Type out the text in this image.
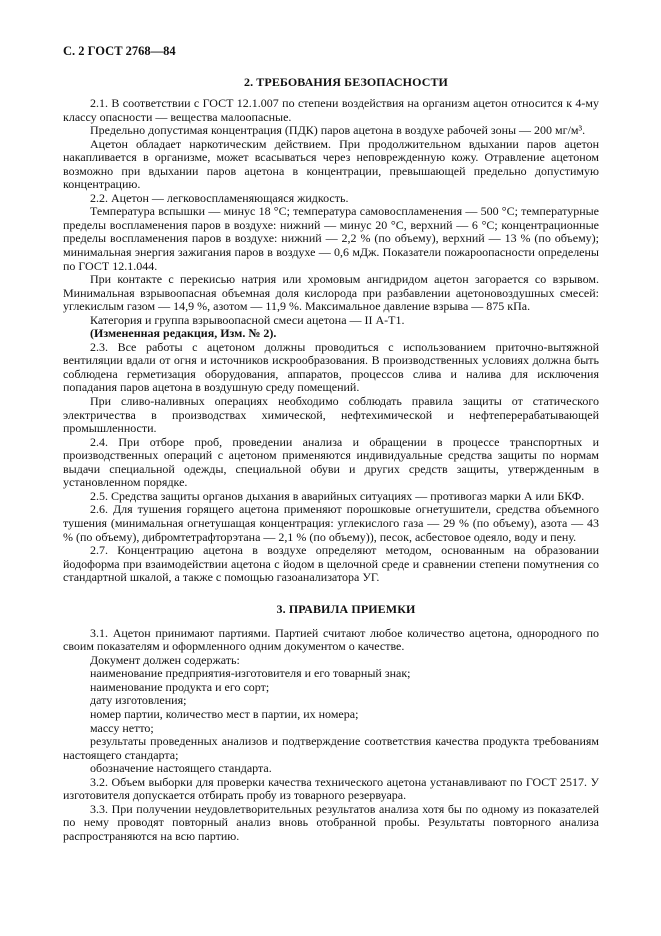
С. 2 ГОСТ 2768—84
2. ТРЕБОВАНИЯ БЕЗОПАСНОСТИ

2.1. В соответствии с ГОСТ 12.1.007 по степени воздействия на организм ацетон относится к 4-му классу опасности — вещества малоопасные.

Предельно допустимая концентрация (ПДК) паров ацетона в воздухе рабочей зоны — 200 мг/м³.

Ацетон обладает наркотическим действием. При продолжительном вдыхании паров ацетон накапливается в организме, может всасываться через неповрежденную кожу. Отравление ацетоном возможно при вдыхании паров ацетона в концентрации, превышающей предельно допустимую концентрацию.

2.2. Ацетон — легковоспламеняющаяся жидкость.

Температура вспышки — минус 18 °С; температура самовоспламенения — 500 °С; температурные пределы воспламенения паров в воздухе: нижний — минус 20 °С, верхний — 6 °С; концентрационные пределы воспламенения паров в воздухе: нижний — 2,2 % (по объему), верхний — 13 % (по объему); минимальная энергия зажигания паров в воздухе — 0,6 мДж. Показатели пожароопасности определены по ГОСТ 12.1.044.

При контакте с перекисью натрия или хромовым ангидридом ацетон загорается со взрывом. Минимальная взрывоопасная объемная доля кислорода при разбавлении ацетоновоздушных смесей: углекислым газом — 14,9 %, азотом — 11,9 %. Максимальное давление взрыва — 875 кПа.

Категория и группа взрывоопасной смеси ацетона — II А-Т1.

(Измененная редакция, Изм. № 2).

2.3. Все работы с ацетоном должны проводиться с использованием приточно-вытяжной вентиляции вдали от огня и источников искрообразования. В производственных условиях должна быть соблюдена герметизация оборудования, аппаратов, процессов слива и налива для исключения попадания паров ацетона в воздушную среду помещений.

При сливо-наливных операциях необходимо соблюдать правила защиты от статического электричества в производствах химической, нефтехимической и нефтеперерабатывающей промышленности.

2.4. При отборе проб, проведении анализа и обращении в процессе транспортных и производственных операций с ацетоном применяются индивидуальные средства защиты по нормам выдачи специальной одежды, специальной обуви и других средств защиты, утвержденным в установленном порядке.

2.5. Средства защиты органов дыхания в аварийных ситуациях — противогаз марки А или БКФ.

2.6. Для тушения горящего ацетона применяют порошковые огнетушители, средства объемного тушения (минимальная огнетушащая концентрация: углекислого газа — 29 % (по объему), азота — 43 % (по объему), дибромтетрафторэтана — 2,1 % (по объему)), песок, асбестовое одеяло, воду и пену.

2.7. Концентрацию ацетона в воздухе определяют методом, основанным на образовании йодоформа при взаимодействии ацетона с йодом в щелочной среде и сравнении степени помутнения со стандартной шкалой, а также с помощью газоанализатора УГ.

3. ПРАВИЛА ПРИЕМКИ

3.1. Ацетон принимают партиями. Партией считают любое количество ацетона, однородного по своим показателям и оформленного одним документом о качестве.

Документ должен содержать:

наименование предприятия-изготовителя и его товарный знак;

наименование продукта и его сорт;

дату изготовления;

номер партии, количество мест в партии, их номера;

массу нетто;

результаты проведенных анализов и подтверждение соответствия качества продукта требованиям настоящего стандарта;

обозначение настоящего стандарта.

3.2. Объем выборки для проверки качества технического ацетона устанавливают по ГОСТ 2517. У изготовителя допускается отбирать пробу из товарного резервуара.

3.3. При получении неудовлетворительных результатов анализа хотя бы по одному из показателей по нему проводят повторный анализ вновь отобранной пробы. Результаты повторного анализа распространяются на всю партию.
